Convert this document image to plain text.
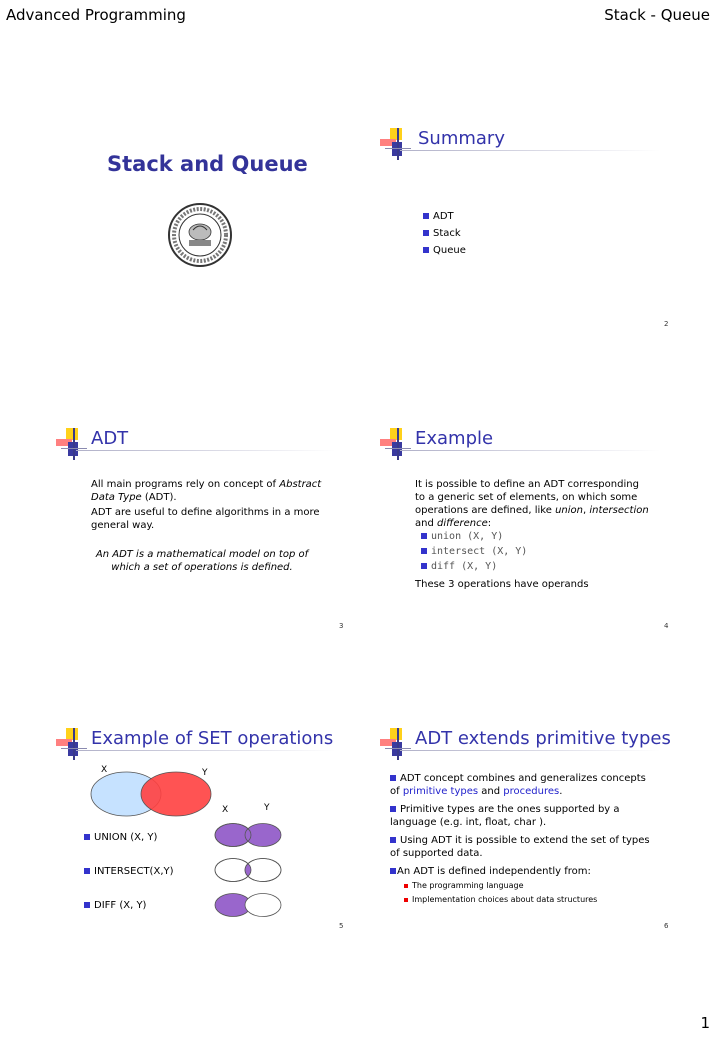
Advanced Programming	Stack - Queue
Stack and Queue
Summary
ADT
Stack
Queue
2
ADT
All main programs rely on concept of Abstract
Data Type (ADT).
ADT are useful to define algorithms in a more general way.
An ADT is a mathematical model on top of
which a set of operations is defined.
3
Example
It is possible to define an ADT corresponding
to a generic set of elements, on which some
operations are defined, like union, intersection
and difference:
union (X, Y)
intersect (X, Y)
diff (X, Y)
These 3 operations have operands
4
Example of SET operations
X	Y
X	Y
UNION (X, Y)
INTERSECT(X,Y)
DIFF (X, Y)
5
ADT extends primitive types
ADT concept combines and generalizes concepts
of primitive types and procedures.
Primitive types are the ones supported by a
language (e.g. int, float, char ).
Using ADT it is possible to extend the set of types
of supported data.
An ADT is defined independently from:
The programming language
Implementation choices about data structures
6
1
